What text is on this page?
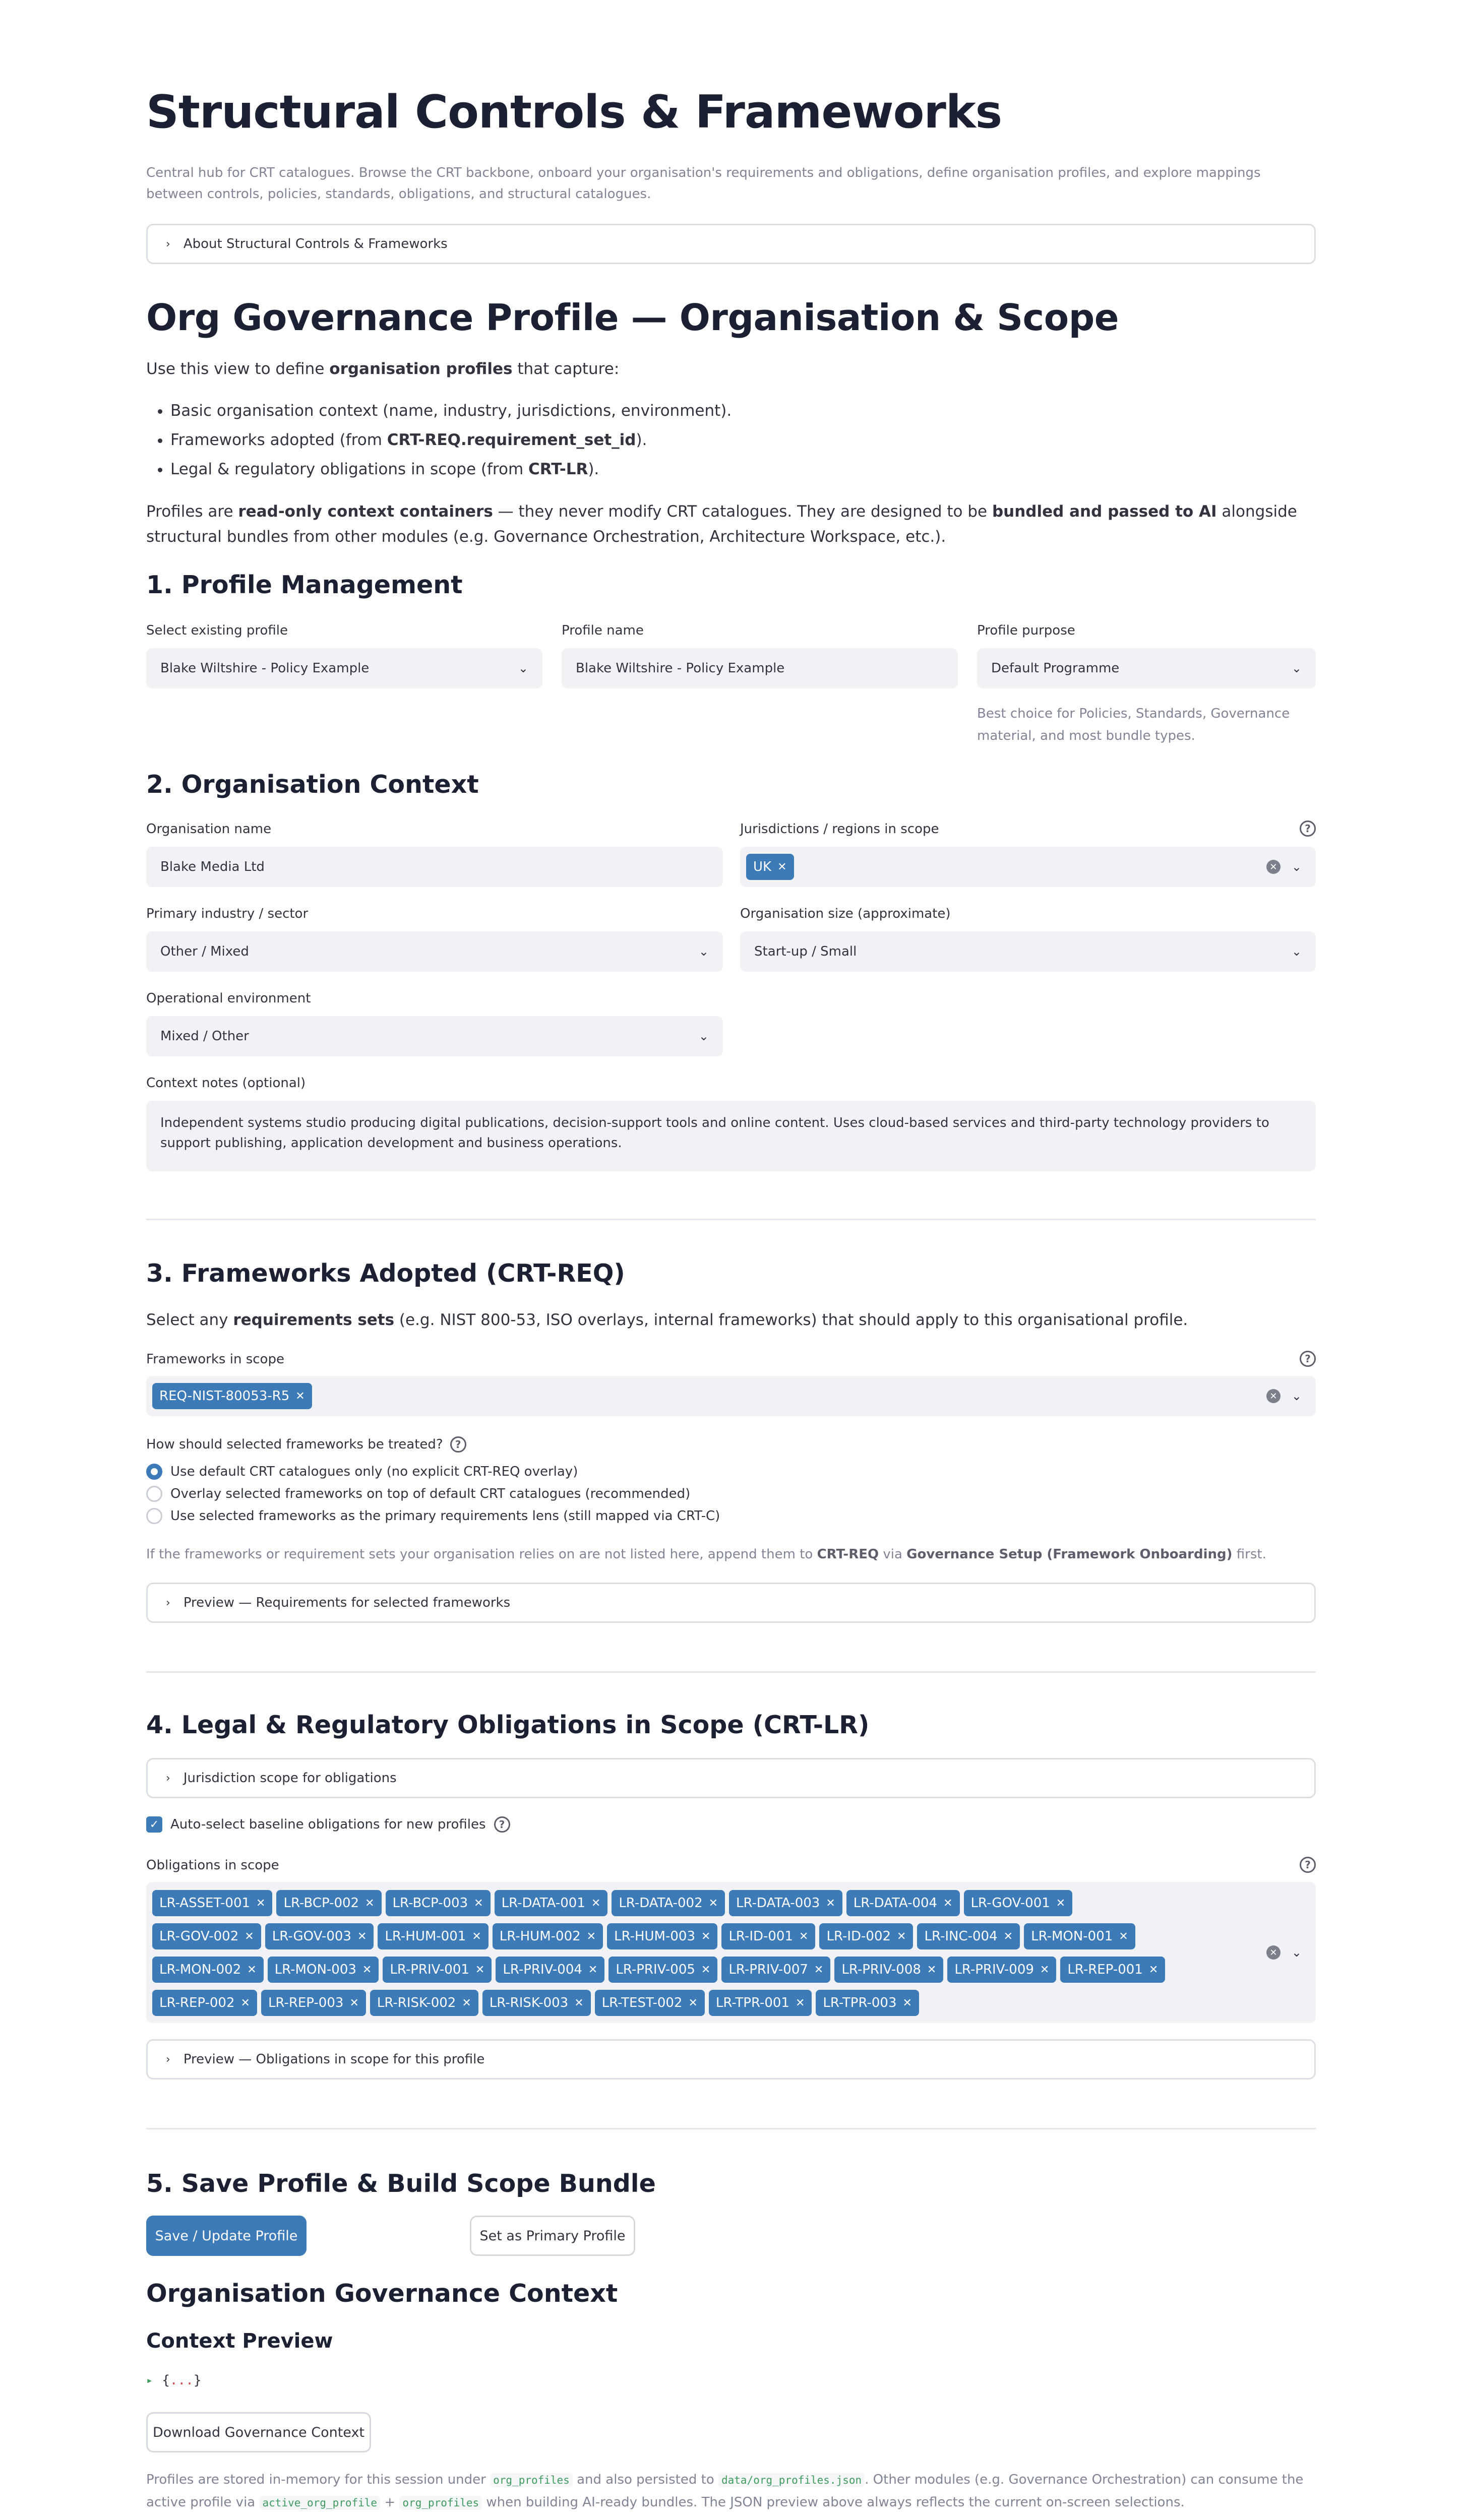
Structural Controls & Frameworks
Central hub for CRT catalogues. Browse the CRT backbone, onboard your organisation's requirements and obligations, define organisation profiles, and explore mappings between controls, policies, standards, obligations, and structural catalogues.
› About Structural Controls & Frameworks
Org Governance Profile — Organisation & Scope
Use this view to define organisation profiles that capture:
• Basic organisation context (name, industry, jurisdictions, environment).
• Frameworks adopted (from CRT-REQ.requirement_set_id).
• Legal & regulatory obligations in scope (from CRT-LR).
Profiles are read-only context containers — they never modify CRT catalogues. They are designed to be bundled and passed to AI alongside structural bundles from other modules (e.g. Governance Orchestration, Architecture Workspace, etc.).
1. Profile Management
Select existing profile
Blake Wiltshire - Policy Example	⌄
Profile name
Blake Wiltshire - Policy Example
Profile purpose
Default Programme	⌄
Best choice for Policies, Standards, Governance material, and most bundle types.
2. Organisation Context
Organisation name
Blake Media Ltd
Jurisdictions / regions in scope	?
UK ✕	✕ ⌄
Primary industry / sector
Other / Mixed	⌄
Organisation size (approximate)
Start-up / Small	⌄
Operational environment
Mixed / Other	⌄
Context notes (optional)
Independent systems studio producing digital publications, decision-support tools and online content. Uses cloud-based services and third-party technology providers to support publishing, application development and business operations.
3. Frameworks Adopted (CRT-REQ)
Select any requirements sets (e.g. NIST 800-53, ISO overlays, internal frameworks) that should apply to this organisational profile.
Frameworks in scope	?
REQ-NIST-80053-R5 ✕	✕ ⌄
How should selected frameworks be treated?	?
Use default CRT catalogues only (no explicit CRT-REQ overlay)
Overlay selected frameworks on top of default CRT catalogues (recommended)
Use selected frameworks as the primary requirements lens (still mapped via CRT-C)
If the frameworks or requirement sets your organisation relies on are not listed here, append them to CRT-REQ via Governance Setup (Framework Onboarding) first.
› Preview — Requirements for selected frameworks
4. Legal & Regulatory Obligations in Scope (CRT-LR)
› Jurisdiction scope for obligations
✓ Auto-select baseline obligations for new profiles	?
Obligations in scope	?
LR-ASSET-001 ✕ LR-BCP-002 ✕ LR-BCP-003 ✕ LR-DATA-001 ✕ LR-DATA-002 ✕ LR-DATA-003 ✕ LR-DATA-004 ✕ LR-GOV-001 ✕
LR-GOV-002 ✕ LR-GOV-003 ✕ LR-HUM-001 ✕ LR-HUM-002 ✕ LR-HUM-003 ✕ LR-ID-001 ✕ LR-ID-002 ✕ LR-INC-004 ✕ LR-MON-001 ✕
LR-MON-002 ✕ LR-MON-003 ✕ LR-PRIV-001 ✕ LR-PRIV-004 ✕ LR-PRIV-005 ✕ LR-PRIV-007 ✕ LR-PRIV-008 ✕ LR-PRIV-009 ✕ LR-REP-001 ✕
LR-REP-002 ✕ LR-REP-003 ✕ LR-RISK-002 ✕ LR-RISK-003 ✕ LR-TEST-002 ✕ LR-TPR-001 ✕ LR-TPR-003 ✕
✕ ⌄
› Preview — Obligations in scope for this profile
5. Save Profile & Build Scope Bundle
Save / Update Profile	Set as Primary Profile
Organisation Governance Context
Context Preview
▸ {...}
Download Governance Context
Profiles are stored in-memory for this session under org_profiles and also persisted to data/org_profiles.json . Other modules (e.g. Governance Orchestration) can consume the active profile via active_org_profile + org_profiles when building AI-ready bundles. The JSON preview above always reflects the current on-screen selections.
